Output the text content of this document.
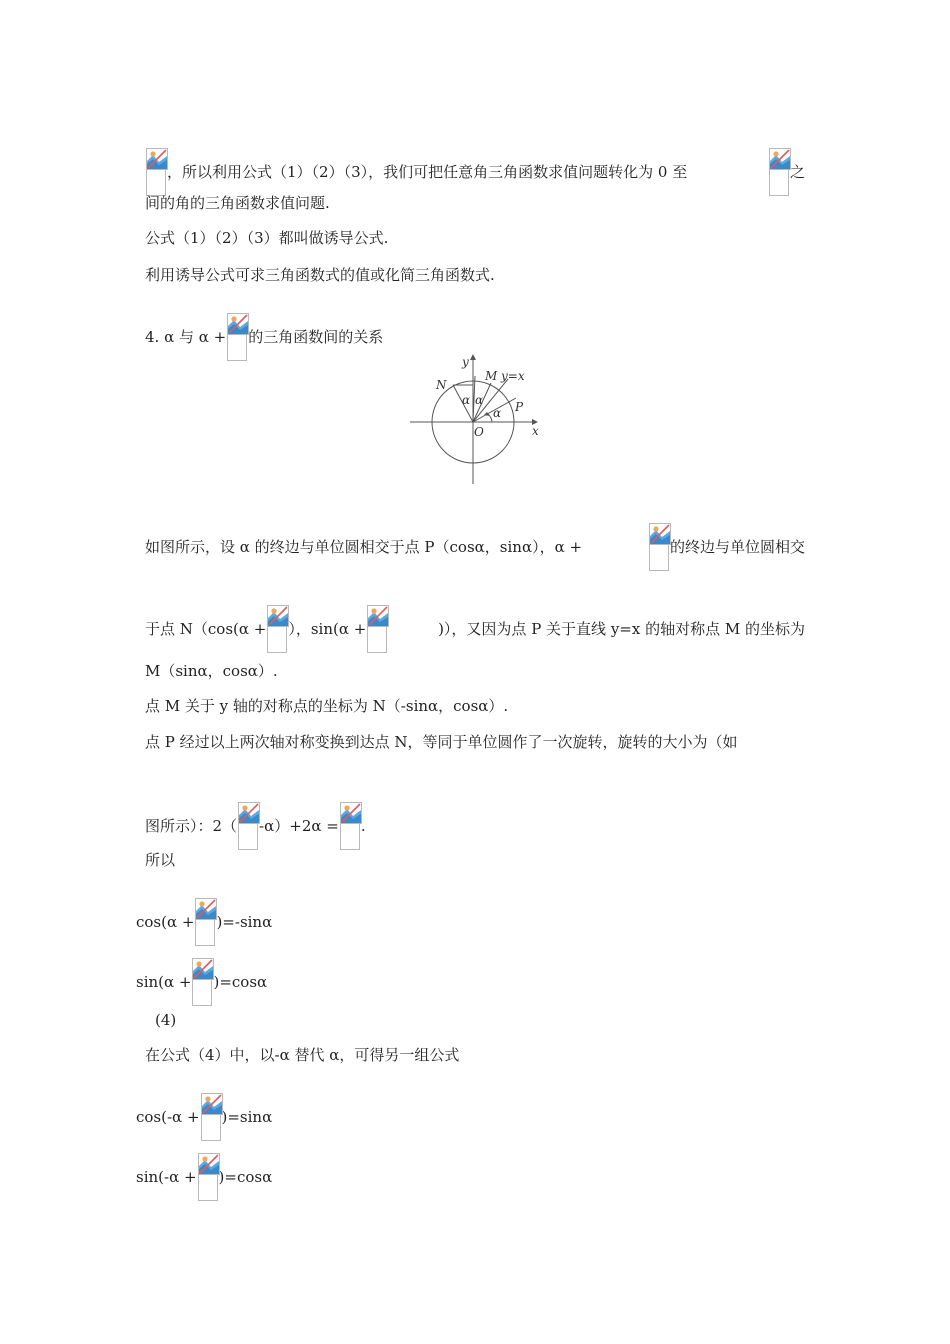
，所以利用公式（1）（2）（3），我们可把任意角三角函数求值问题转化为 0 至	之
间的角的三角函数求值问题.
公式（1）（2）（3）都叫做诱导公式.
利用诱导公式可求三角函数式的值或化简三角函数式.
4. α 与 α + 的三角函数间的关系
y
x
O
N
M y=x
P
α α
α
如图所示，设 α 的终边与单位圆相交于点 P（cosα，sinα），α +	的终边与单位圆相交
于点 N（cos(α + ），sin(α +	)），又因为点 P 关于直线 y=x 的轴对称点 M 的坐标为
M（sinα，cosα）.
点 M 关于 y 轴的对称点的坐标为 N（-sinα，cosα）.
点 P 经过以上两次轴对称变换到达点 N，等同于单位圆作了一次旋转，旋转的大小为（如
图所示）：2（ -α）+2α = .
所以
cos(α + )=-sinα
sin(α + )=cosα
(4)
在公式（4）中，以-α 替代 α，可得另一组公式
cos(-α + )=sinα
sin(-α + )=cosα
